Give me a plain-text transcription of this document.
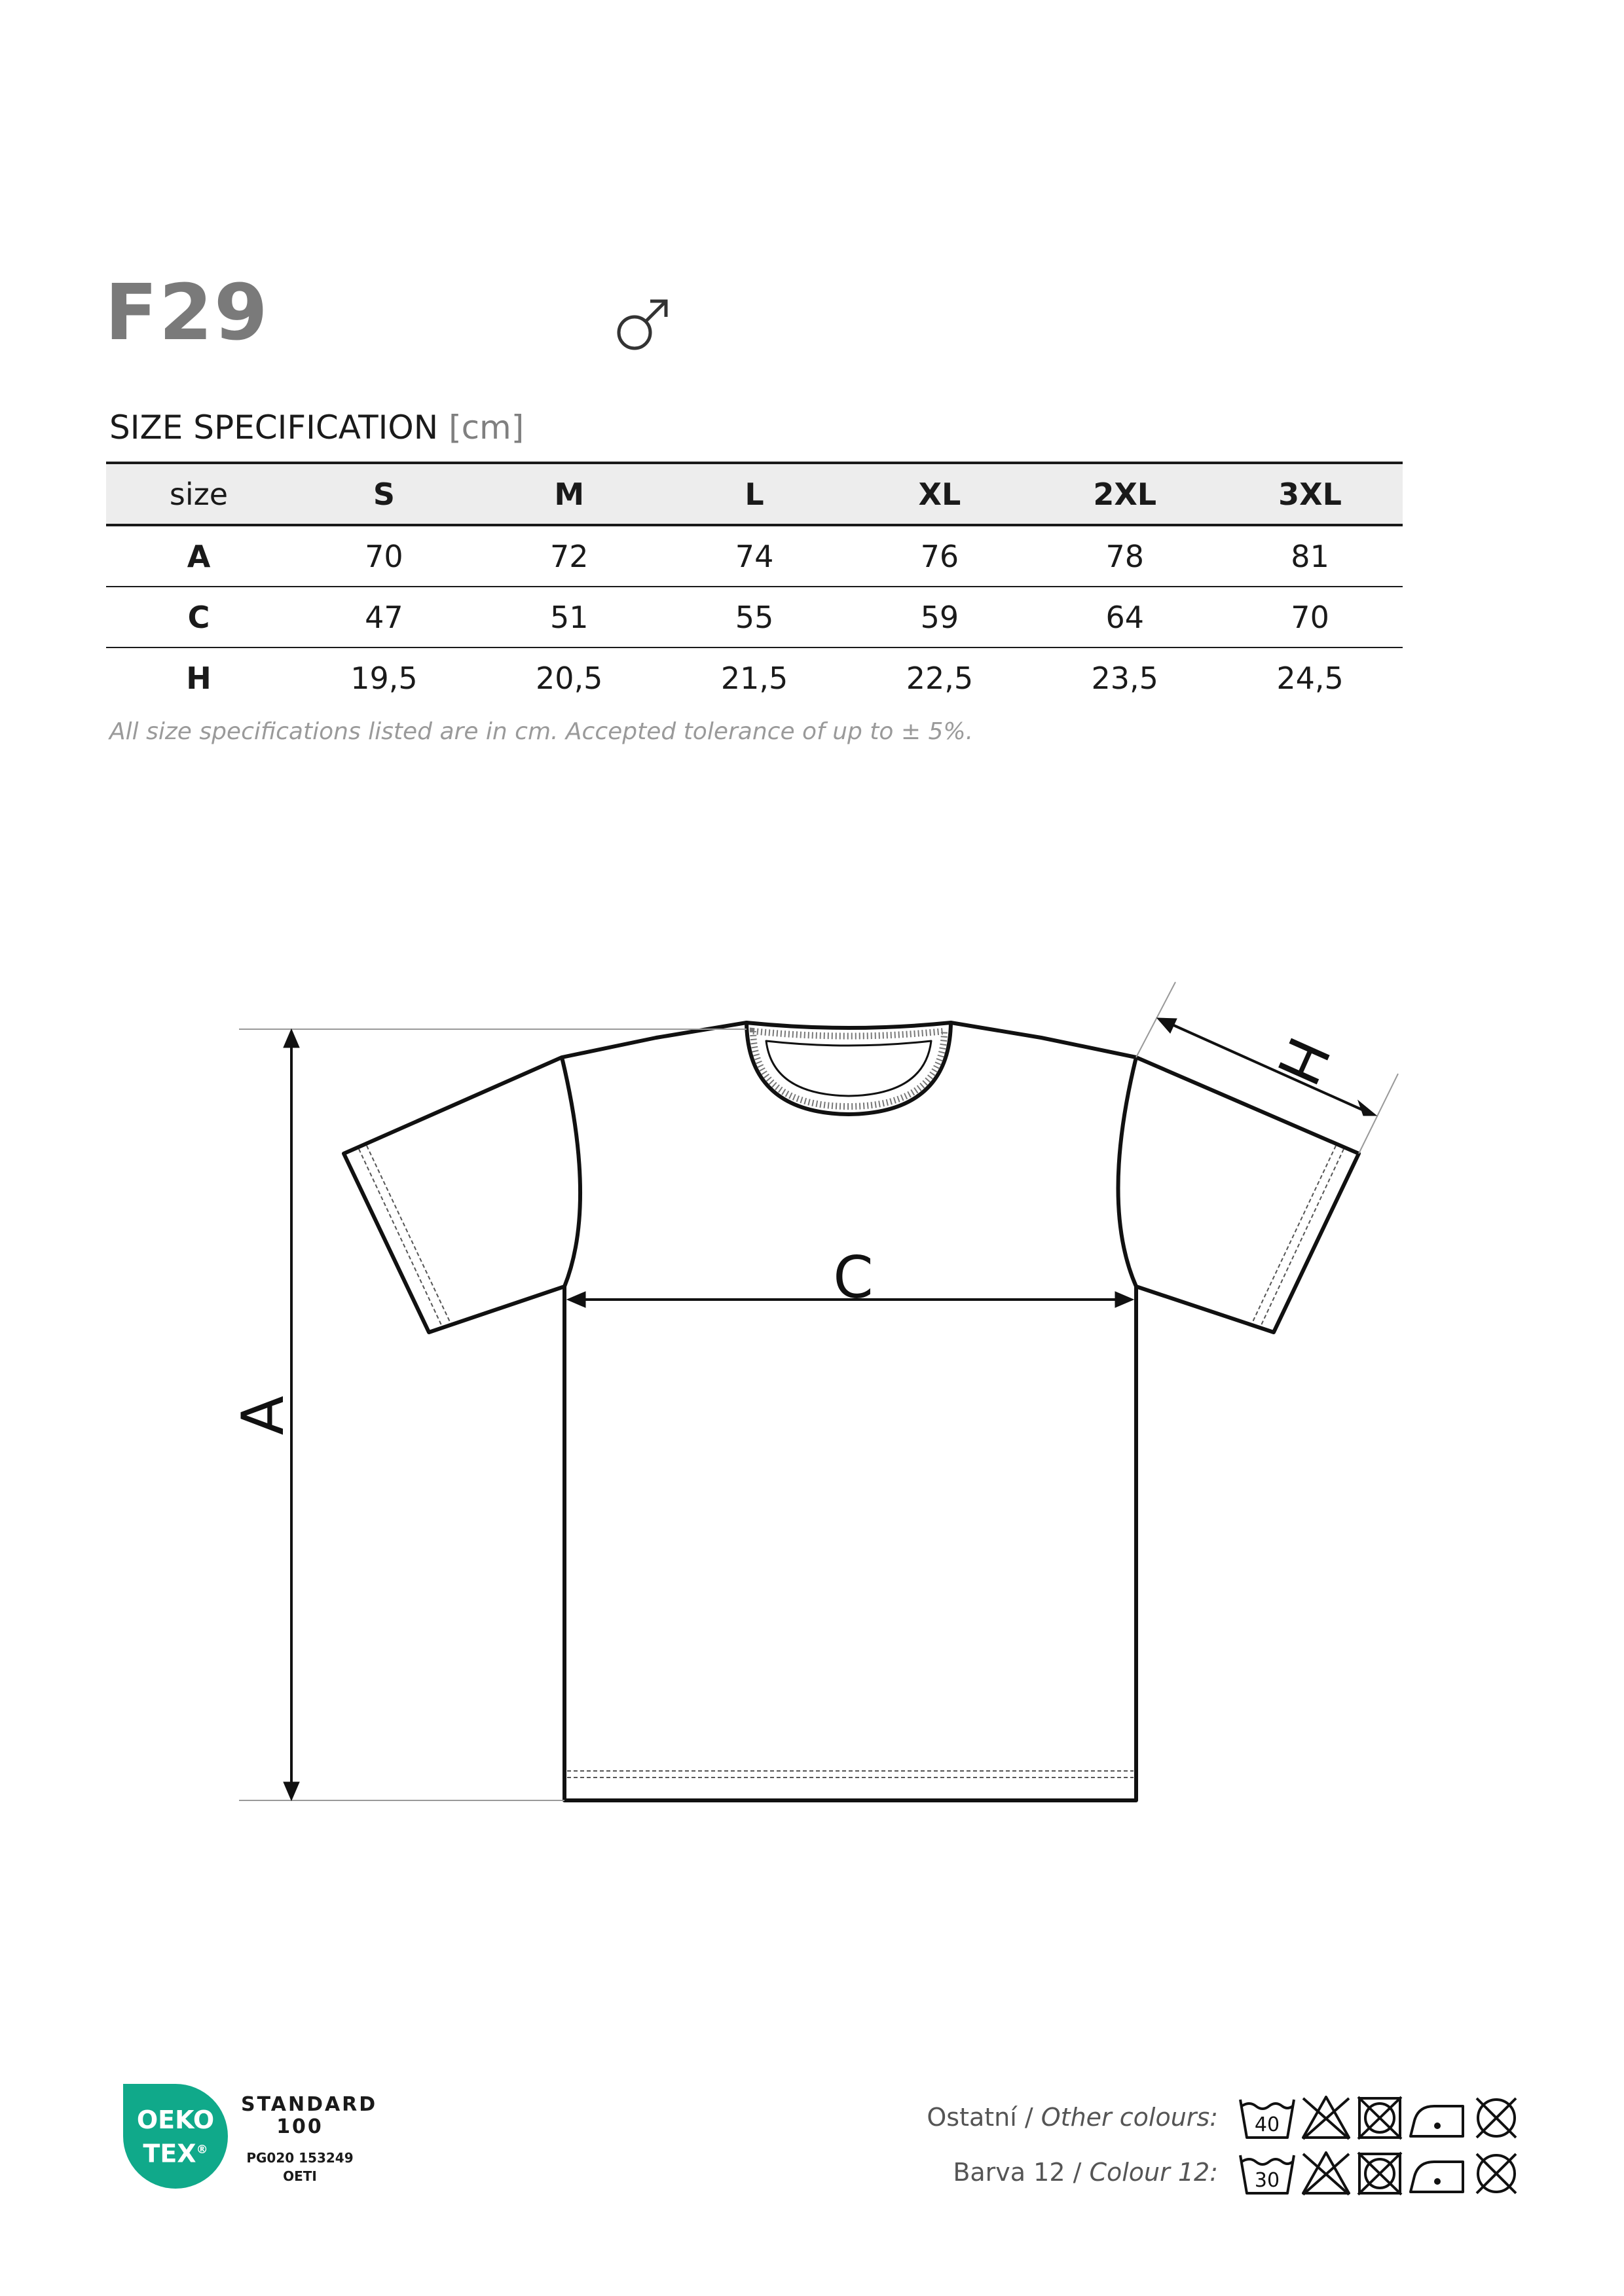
F29
SIZE SPECIFICATION [cm]
size	S	M	L	XL	2XL	3XL
A	70	72	74	76	78	81
C	47	51	55	59	64	70
H	19,5	20,5	21,5	22,5	23,5	24,5
All size specifications listed are in cm. Accepted tolerance of up to ± 5%.
A
C
H
OEKO
TEX®
STANDARD
100
PG020 153249
OETI
Ostatní / Other colours:
Barva 12 / Colour 12:
40
30
